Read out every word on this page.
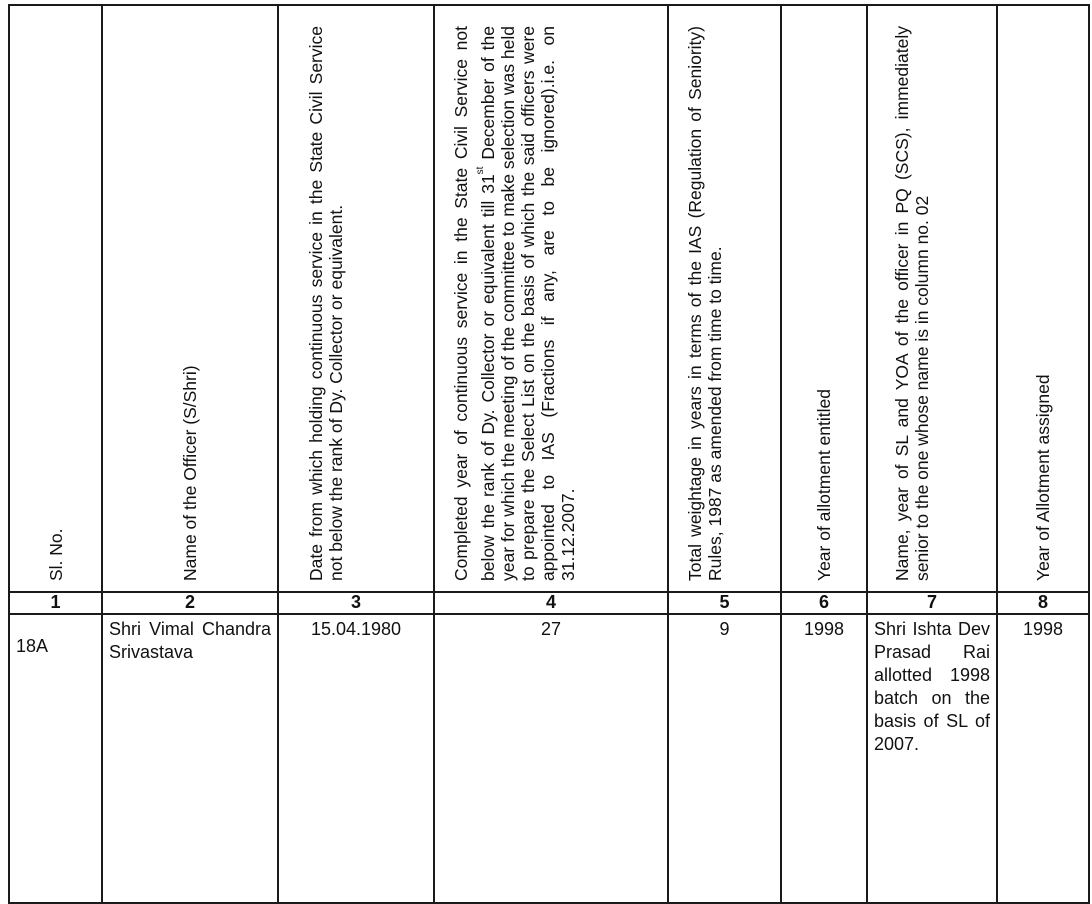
Sl. No.	Name of the Officer (S/Shri)	Date from which holding continuous service in the State Civil Service not below the rank of Dy. Collector or equivalent.	Completed year of continuous service in the State Civil Service not below the rank of Dy. Collector or equivalent till 31st December of the year for which the meeting of the committee to make selection was held to prepare the Select List on the basis of which the said officers were appointed to IAS (Fractions if any, are to be ignored).i.e. on 31.12.2007.	Total weightage in years in terms of the IAS (Regulation of Seniority) Rules, 1987 as amended from time to time.	Year of allotment entitled	Name, year of SL and YOA of the officer in PQ (SCS), immediately senior to the one whose name is in column no. 02	Year of Allotment assigned

1	2	3	4	5	6	7	8
18A	Shri Vimal Chandra Srivastava	15.04.1980	27	9	1998	Shri Ishta Dev Prasad Rai allotted 1998 batch on the basis of SL of 2007.	1998
